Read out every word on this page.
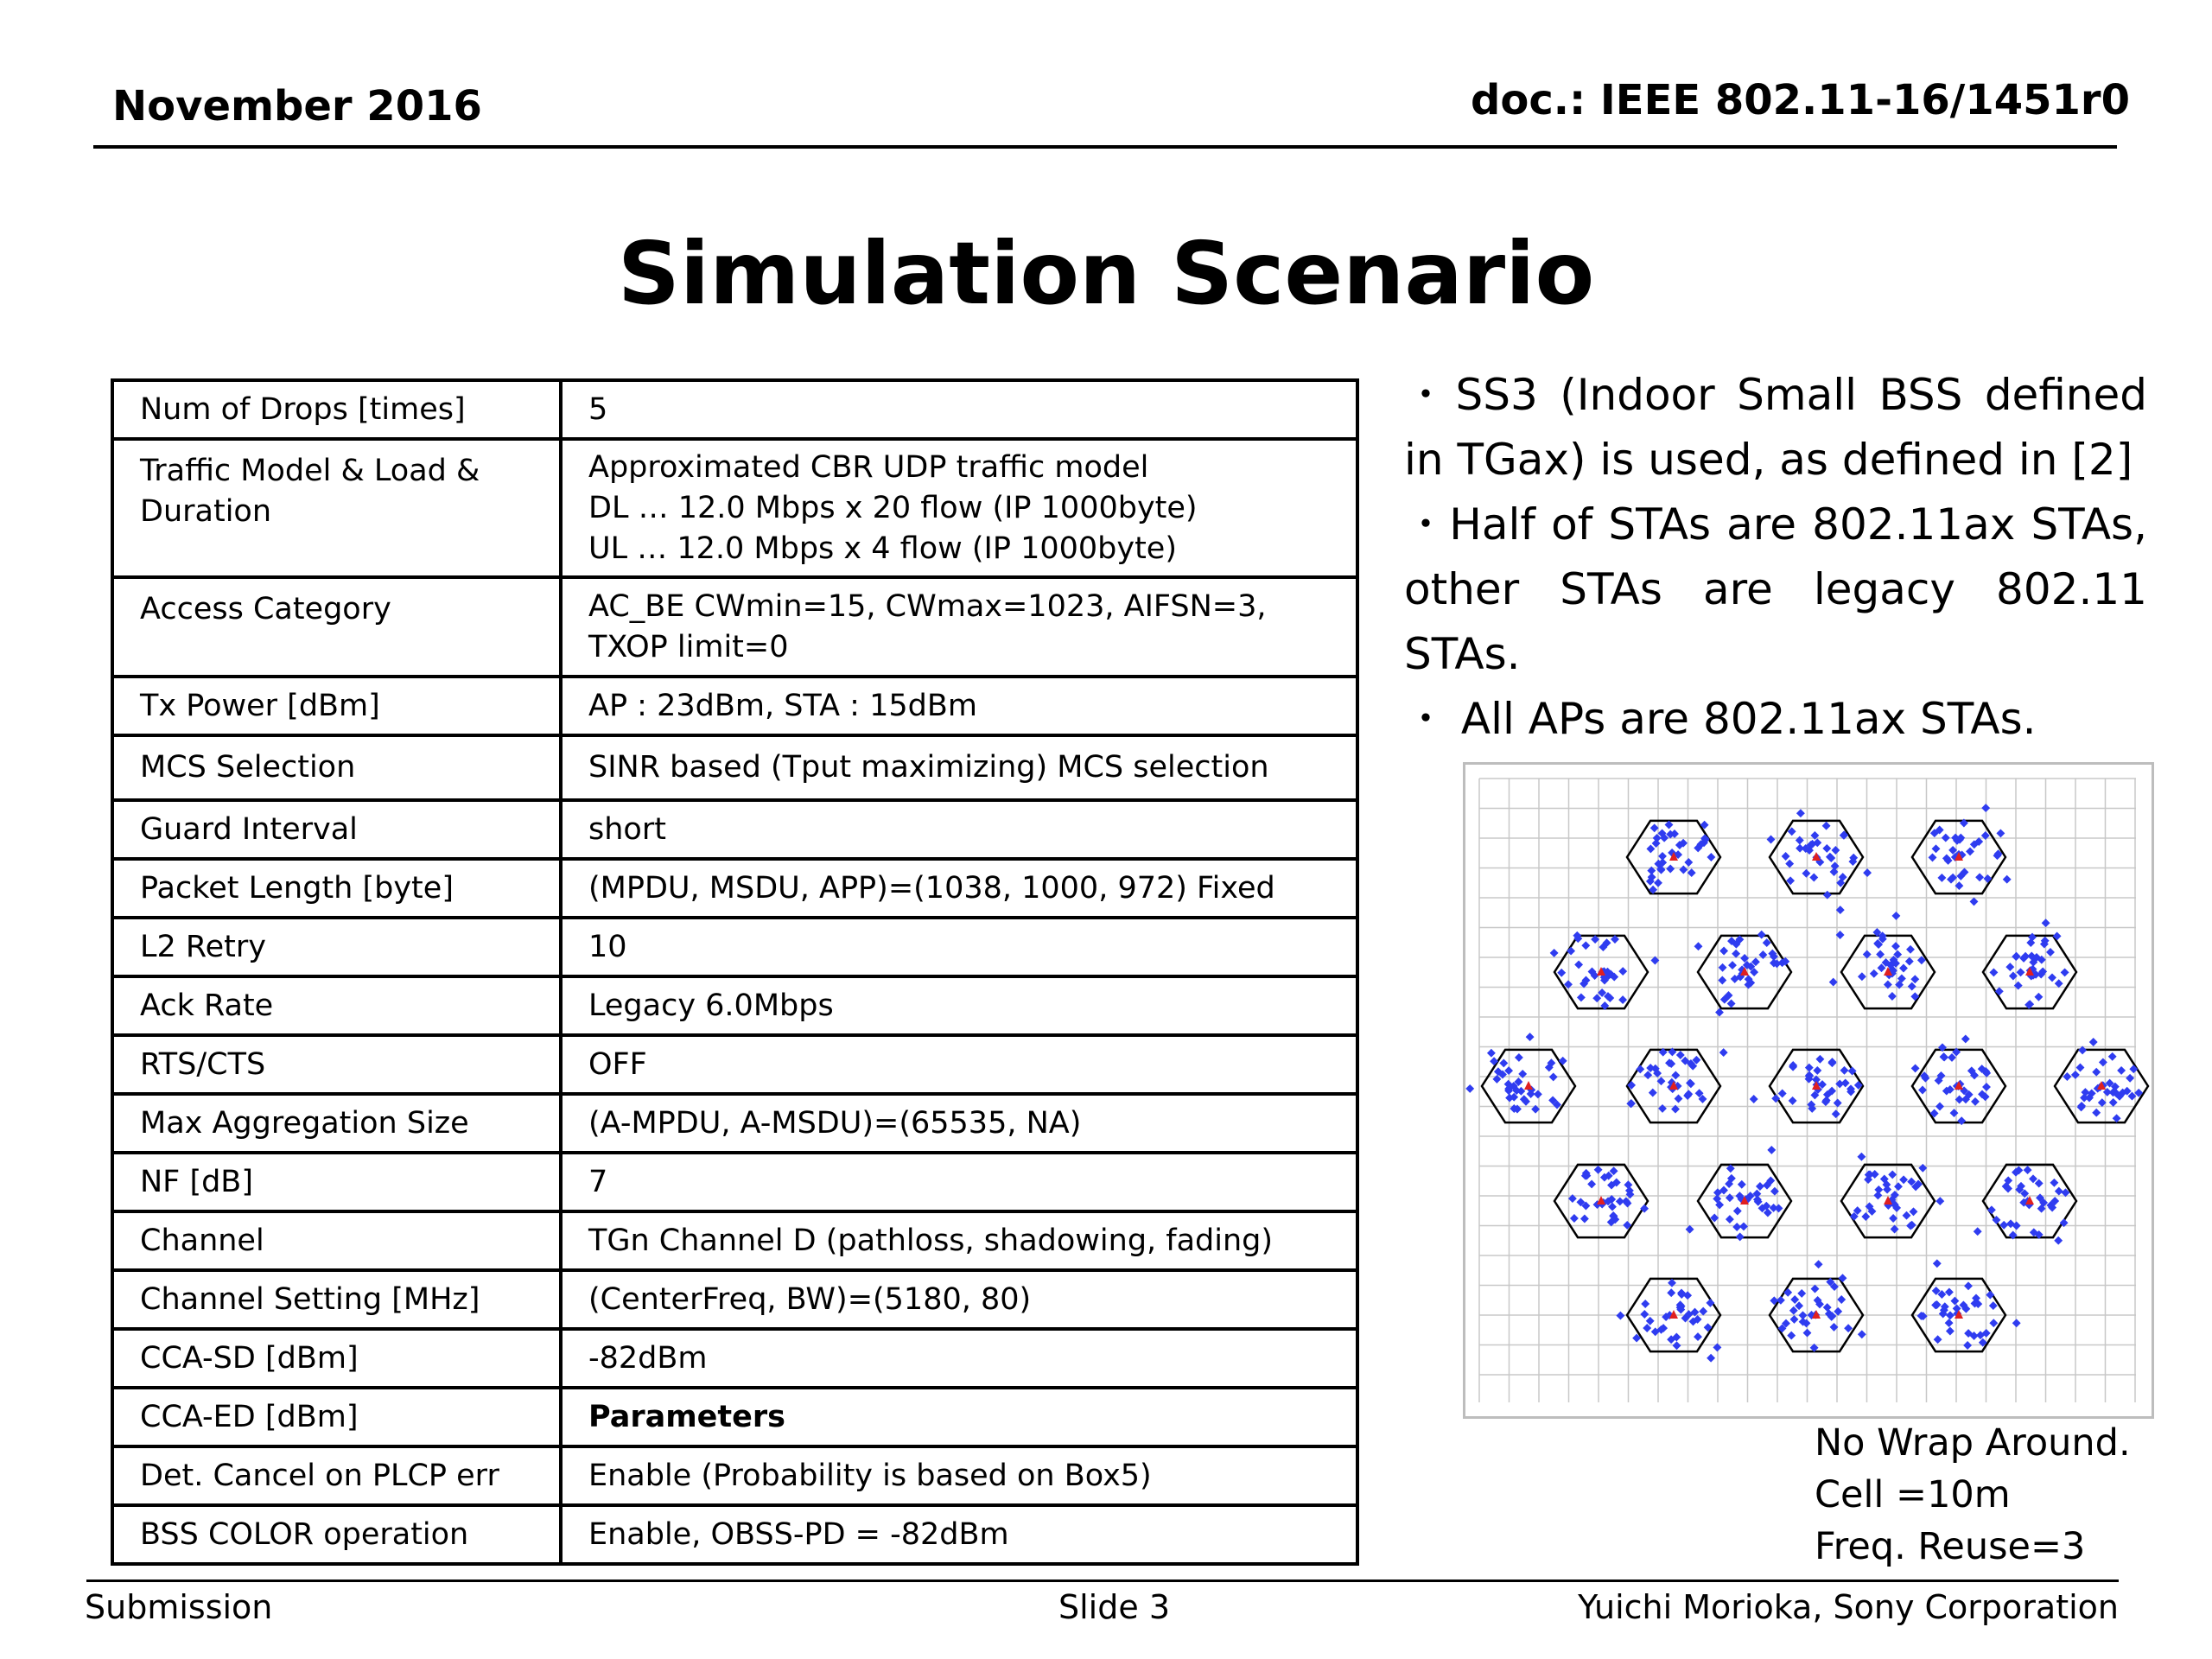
November 2016	doc.: IEEE 802.11-16/1451r0
Simulation Scenario
Num of Drops [times]	5

Traffic Model & Load & Duration	Approximated CBR UDP traffic model
DL … 12.0 Mbps x 20 flow (IP 1000byte)
UL … 12.0 Mbps x 4 flow (IP 1000byte)

Access Category	AC_BE CWmin=15, CWmax=1023, AIFSN=3,
TXOP limit=0

Tx Power [dBm]	AP : 23dBm, STA : 15dBm

MCS Selection	SINR based (Tput maximizing) MCS selection

Guard Interval	short

Packet Length [byte]	(MPDU, MSDU, APP)=(1038, 1000, 972) Fixed

L2 Retry	10

Ack Rate	Legacy 6.0Mbps

RTS/CTS	OFF

Max Aggregation Size	(A-MPDU, A-MSDU)=(65535, NA)

NF [dB]	7

Channel	TGn Channel D (pathloss, shadowing, fading)

Channel Setting [MHz]	(CenterFreq, BW)=(5180, 80)

CCA-SD [dBm]	-82dBm

CCA-ED [dBm]	Parameters

Det. Cancel on PLCP err	Enable (Probability is based on Box5)

BSS COLOR operation	Enable, OBSS-PD = -82dBm

・SS3 (Indoor Small BSS defined in TGax) is used, as defined in [2]

・Half of STAs are 802.11ax STAs, other STAs are legacy 802.11 STAs.

・ All APs are 802.11ax STAs.

No Wrap Around.
Cell =10m
Freq. Reuse=3
Submission	Slide 3	Yuichi Morioka, Sony Corporation
